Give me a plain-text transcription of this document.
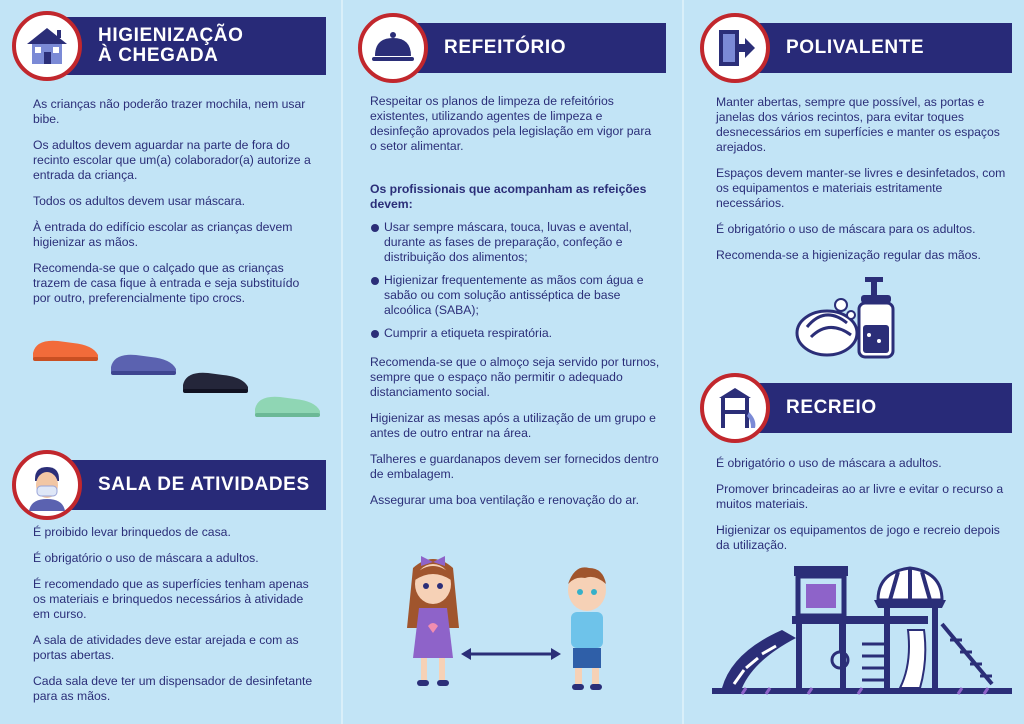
HIGIENIZAÇÃO
À CHEGADA

As crianças não poderão trazer mochila, nem usar bibe.

Os adultos devem aguardar na parte de fora do recinto escolar que um(a) colaborador(a) autorize a entrada da criança.

Todos os adultos devem usar máscara.

À entrada do edifício escolar as crianças devem higienizar as mãos.

Recomenda-se que o calçado que as crianças trazem de casa fique à entrada e seja substituído por outro, preferencialmente tipo crocs.

SALA DE ATIVIDADES

É proibido levar brinquedos de casa.

É obrigatório o uso de máscara a adultos.

É recomendado que as superfícies tenham apenas os materiais e brinquedos necessários à atividade em curso.

A sala de atividades deve estar arejada e com as portas abertas.

Cada sala deve ter um dispensador de desinfetante para as mãos.

REFEITÓRIO

Respeitar os planos de limpeza de refeitórios existentes, utilizando agentes de limpeza e desinfeção aprovados pela legislação em vigor para o setor alimentar.

Os profissionais que acompanham as refeições devem:

Usar sempre máscara, touca, luvas e avental, durante as fases de preparação, confeção e distribuição dos alimentos;
Higienizar frequentemente as mãos com água e sabão ou com solução antisséptica de base alcoólica (SABA);
Cumprir a etiqueta respiratória.

Recomenda-se que o almoço seja servido por turnos, sempre que o espaço não permitir o adequado distanciamento social.

Higienizar as mesas após a utilização de um grupo e antes de outro entrar na área.

Talheres e guardanapos devem ser fornecidos dentro de embalagem.

Assegurar uma boa ventilação e renovação do ar.

POLIVALENTE

Manter abertas, sempre que possível, as portas e janelas dos vários recintos, para evitar toques desnecessários em superfícies e manter os espaços arejados.

Espaços devem manter-se livres e desinfetados, com os equipamentos e materiais estritamente necessários.

É obrigatório o uso de máscara para os adultos.

Recomenda-se a higienização regular das mãos.

RECREIO

É obrigatório o uso de máscara a adultos.

Promover brincadeiras ao ar livre e evitar o recurso a muitos materiais.

Higienizar os equipamentos de jogo e recreio depois da utilização.
